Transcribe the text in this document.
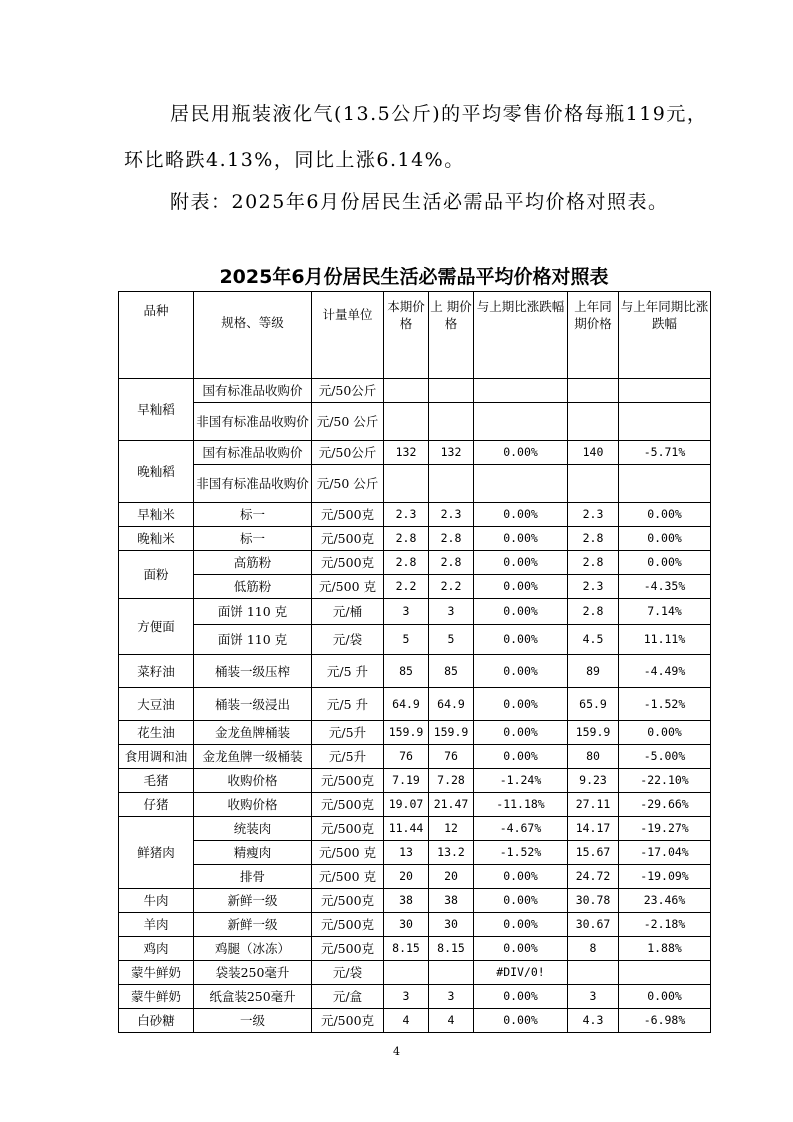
居民用瓶装液化气(13.5公斤)的平均零售价格每瓶119元，
环比略跌4.13%，同比上涨6.14%。
附表：2025年6月份居民生活必需品平均价格对照表。
2025年6月份居民生活必需品平均价格对照表
品种	规格、等级	计量单位	本期价格	上 期价格	与上期比涨跌幅	上年同期价格	与上年同期比涨跌幅
早籼稻	国有标准品收购价	元/50公斤					
	非国有标准品收购价	元/50 公斤					
晚籼稻	国有标准品收购价	元/50公斤	132	132	0.00%	140	-5.71%
	非国有标准品收购价	元/50 公斤					
早籼米	标一	元/500克	2.3	2.3	0.00%	2.3	0.00%
晚籼米	标一	元/500克	2.8	2.8	0.00%	2.8	0.00%
面粉	高筋粉	元/500克	2.8	2.8	0.00%	2.8	0.00%
	低筋粉	元/500 克	2.2	2.2	0.00%	2.3	-4.35%
方便面	面饼 110 克	元/桶	3	3	0.00%	2.8	7.14%
	面饼 110 克	元/袋	5	5	0.00%	4.5	11.11%
菜籽油	桶装一级压榨	元/5 升	85	85	0.00%	89	-4.49%
大豆油	桶装一级浸出	元/5 升	64.9	64.9	0.00%	65.9	-1.52%
花生油	金龙鱼牌桶装	元/5升	159.9	159.9	0.00%	159.9	0.00%
食用调和油	金龙鱼牌一级桶装	元/5升	76	76	0.00%	80	-5.00%
毛猪	收购价格	元/500克	7.19	7.28	-1.24%	9.23	-22.10%
仔猪	收购价格	元/500克	19.07	21.47	-11.18%	27.11	-29.66%
鲜猪肉	统装肉	元/500克	11.44	12	-4.67%	14.17	-19.27%
	精瘦肉	元/500 克	13	13.2	-1.52%	15.67	-17.04%
	排骨	元/500 克	20	20	0.00%	24.72	-19.09%
牛肉	新鲜一级	元/500克	38	38	0.00%	30.78	23.46%
羊肉	新鲜一级	元/500克	30	30	0.00%	30.67	-2.18%
鸡肉	鸡腿（冰冻）	元/500克	8.15	8.15	0.00%	8	1.88%
蒙牛鲜奶	袋装250毫升	元/袋			#DIV/0!		
蒙牛鲜奶	纸盒装250毫升	元/盒	3	3	0.00%	3	0.00%
白砂糖	一级	元/500克	4	4	0.00%	4.3	-6.98%
4
